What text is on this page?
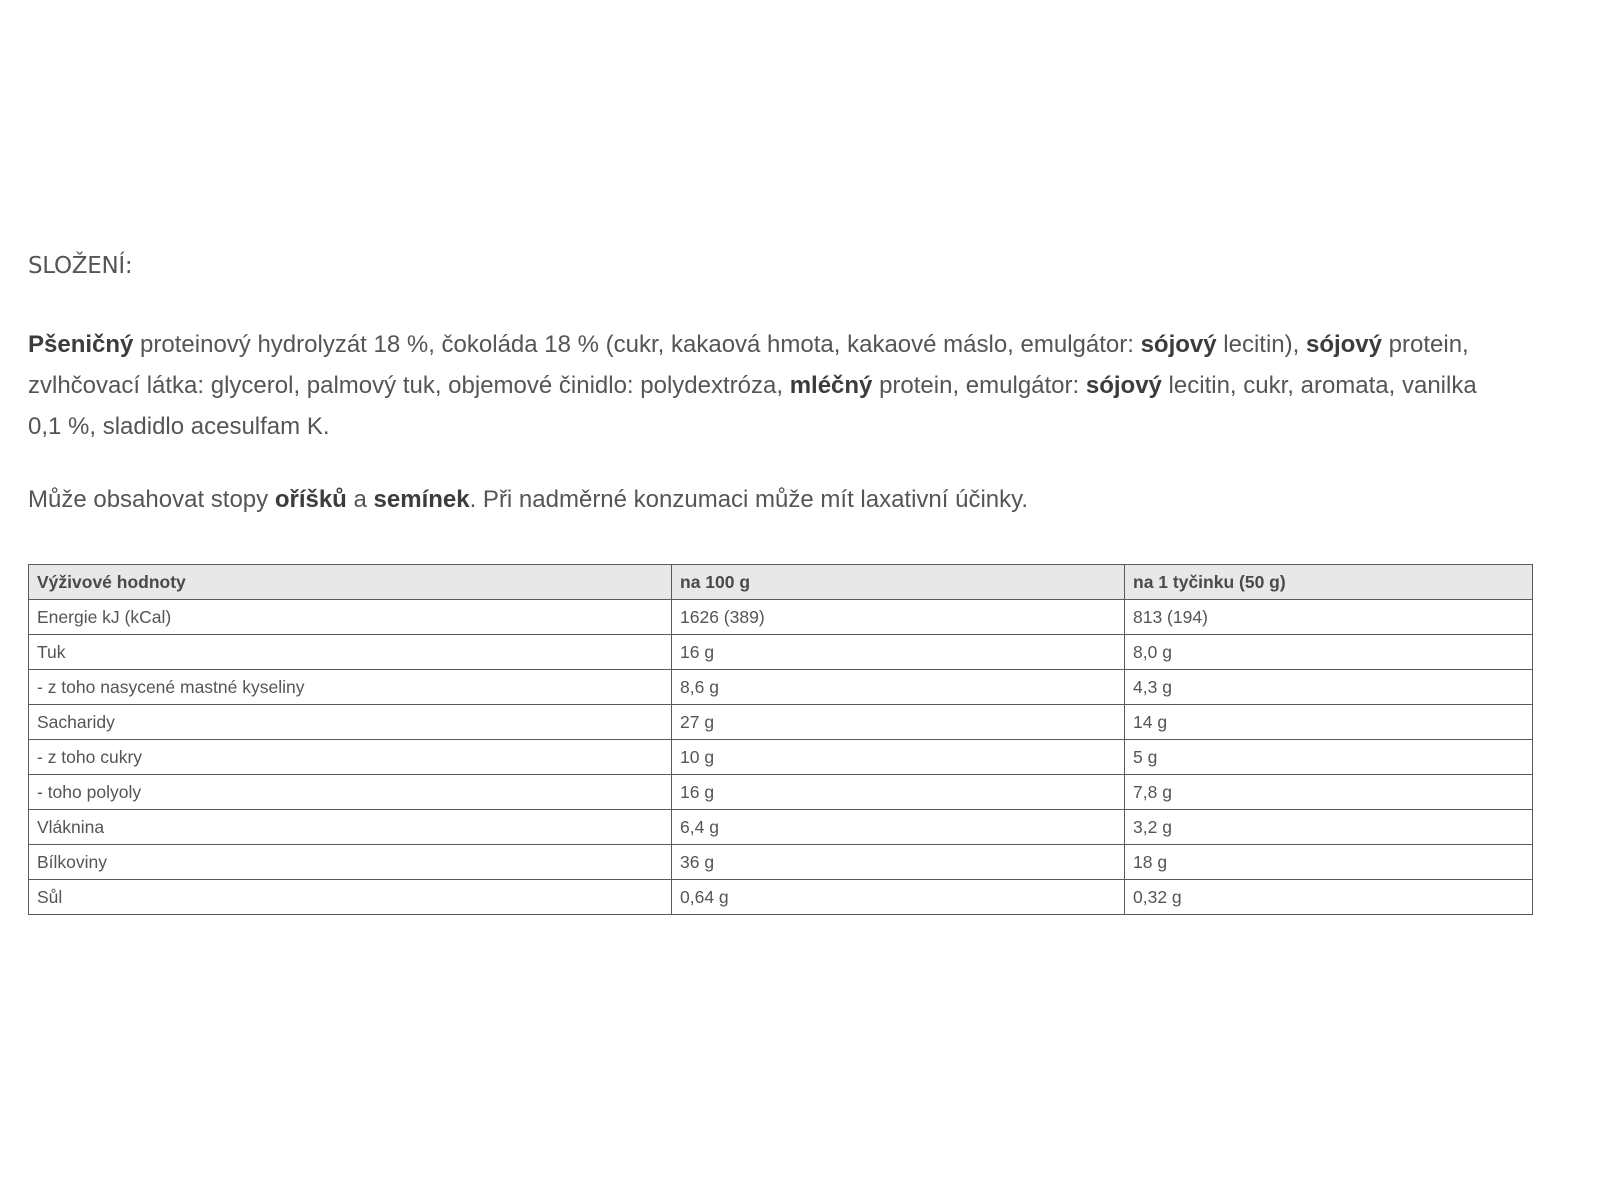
SLOŽENÍ:

Pšeničný proteinový hydrolyzát 18 %, čokoláda 18 % (cukr, kakaová hmota, kakaové máslo, emulgátor: sójový lecitin), sójový protein, zvlhčovací látka: glycerol, palmový tuk, objemové činidlo: polydextróza, mléčný protein, emulgátor: sójový lecitin, cukr, aromata, vanilka 0,1 %, sladidlo acesulfam K.

Může obsahovat stopy oříšků a semínek. Při nadměrné konzumaci může mít laxativní účinky.

Výživové hodnoty	na 100 g	na 1 tyčinku (50 g)
Energie kJ (kCal)	1626 (389)	813 (194)
Tuk	16 g	8,0 g
- z toho nasycené mastné kyseliny	8,6 g	4,3 g
Sacharidy	27 g	14 g
- z toho cukry	10 g	5 g
- toho polyoly	16 g	7,8 g
Vláknina	6,4 g	3,2 g
Bílkoviny	36 g	18 g
Sůl	0,64 g	0,32 g
